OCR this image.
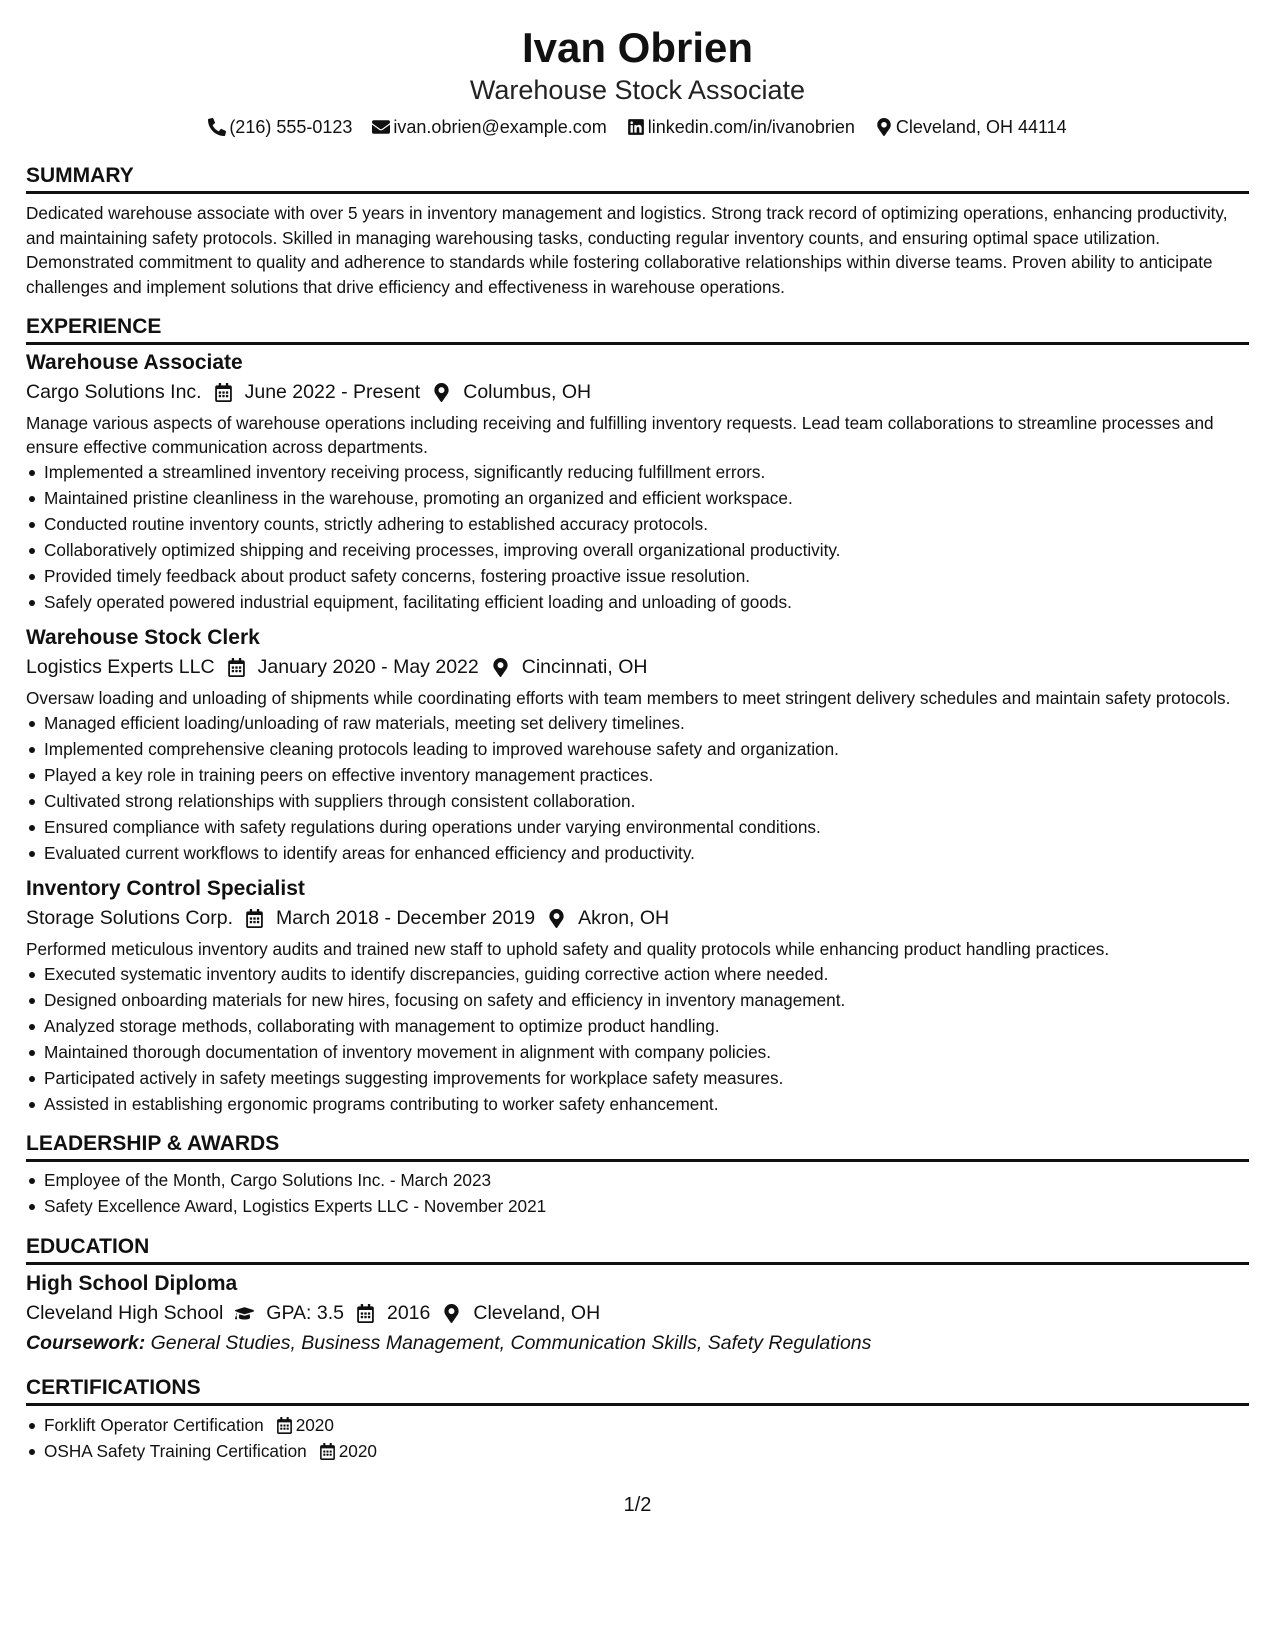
Ivan Obrien
Warehouse Stock Associate
(216) 555-0123 ivan.obrien@example.com linkedin.com/in/ivanobrien Cleveland, OH 44114
SUMMARY
Dedicated warehouse associate with over 5 years in inventory management and logistics. Strong track record of optimizing operations, enhancing productivity, and maintaining safety protocols. Skilled in managing warehousing tasks, conducting regular inventory counts, and ensuring optimal space utilization. Demonstrated commitment to quality and adherence to standards while fostering collaborative relationships within diverse teams. Proven ability to anticipate challenges and implement solutions that drive efficiency and effectiveness in warehouse operations.
EXPERIENCE
Warehouse Associate
Cargo Solutions Inc. June 2022 - Present Columbus, OH
Manage various aspects of warehouse operations including receiving and fulfilling inventory requests. Lead team collaborations to streamline processes and ensure effective communication across departments.
Implemented a streamlined inventory receiving process, significantly reducing fulfillment errors.
Maintained pristine cleanliness in the warehouse, promoting an organized and efficient workspace.
Conducted routine inventory counts, strictly adhering to established accuracy protocols.
Collaboratively optimized shipping and receiving processes, improving overall organizational productivity.
Provided timely feedback about product safety concerns, fostering proactive issue resolution.
Safely operated powered industrial equipment, facilitating efficient loading and unloading of goods.
Warehouse Stock Clerk
Logistics Experts LLC January 2020 - May 2022 Cincinnati, OH
Oversaw loading and unloading of shipments while coordinating efforts with team members to meet stringent delivery schedules and maintain safety protocols.
Managed efficient loading/unloading of raw materials, meeting set delivery timelines.
Implemented comprehensive cleaning protocols leading to improved warehouse safety and organization.
Played a key role in training peers on effective inventory management practices.
Cultivated strong relationships with suppliers through consistent collaboration.
Ensured compliance with safety regulations during operations under varying environmental conditions.
Evaluated current workflows to identify areas for enhanced efficiency and productivity.
Inventory Control Specialist
Storage Solutions Corp. March 2018 - December 2019 Akron, OH
Performed meticulous inventory audits and trained new staff to uphold safety and quality protocols while enhancing product handling practices.
Executed systematic inventory audits to identify discrepancies, guiding corrective action where needed.
Designed onboarding materials for new hires, focusing on safety and efficiency in inventory management.
Analyzed storage methods, collaborating with management to optimize product handling.
Maintained thorough documentation of inventory movement in alignment with company policies.
Participated actively in safety meetings suggesting improvements for workplace safety measures.
Assisted in establishing ergonomic programs contributing to worker safety enhancement.
LEADERSHIP & AWARDS
Employee of the Month, Cargo Solutions Inc. - March 2023
Safety Excellence Award, Logistics Experts LLC - November 2021
EDUCATION
High School Diploma
Cleveland High School GPA: 3.5 2016 Cleveland, OH
Coursework: General Studies, Business Management, Communication Skills, Safety Regulations
CERTIFICATIONS
Forklift Operator Certification 2020
OSHA Safety Training Certification 2020
1/2
